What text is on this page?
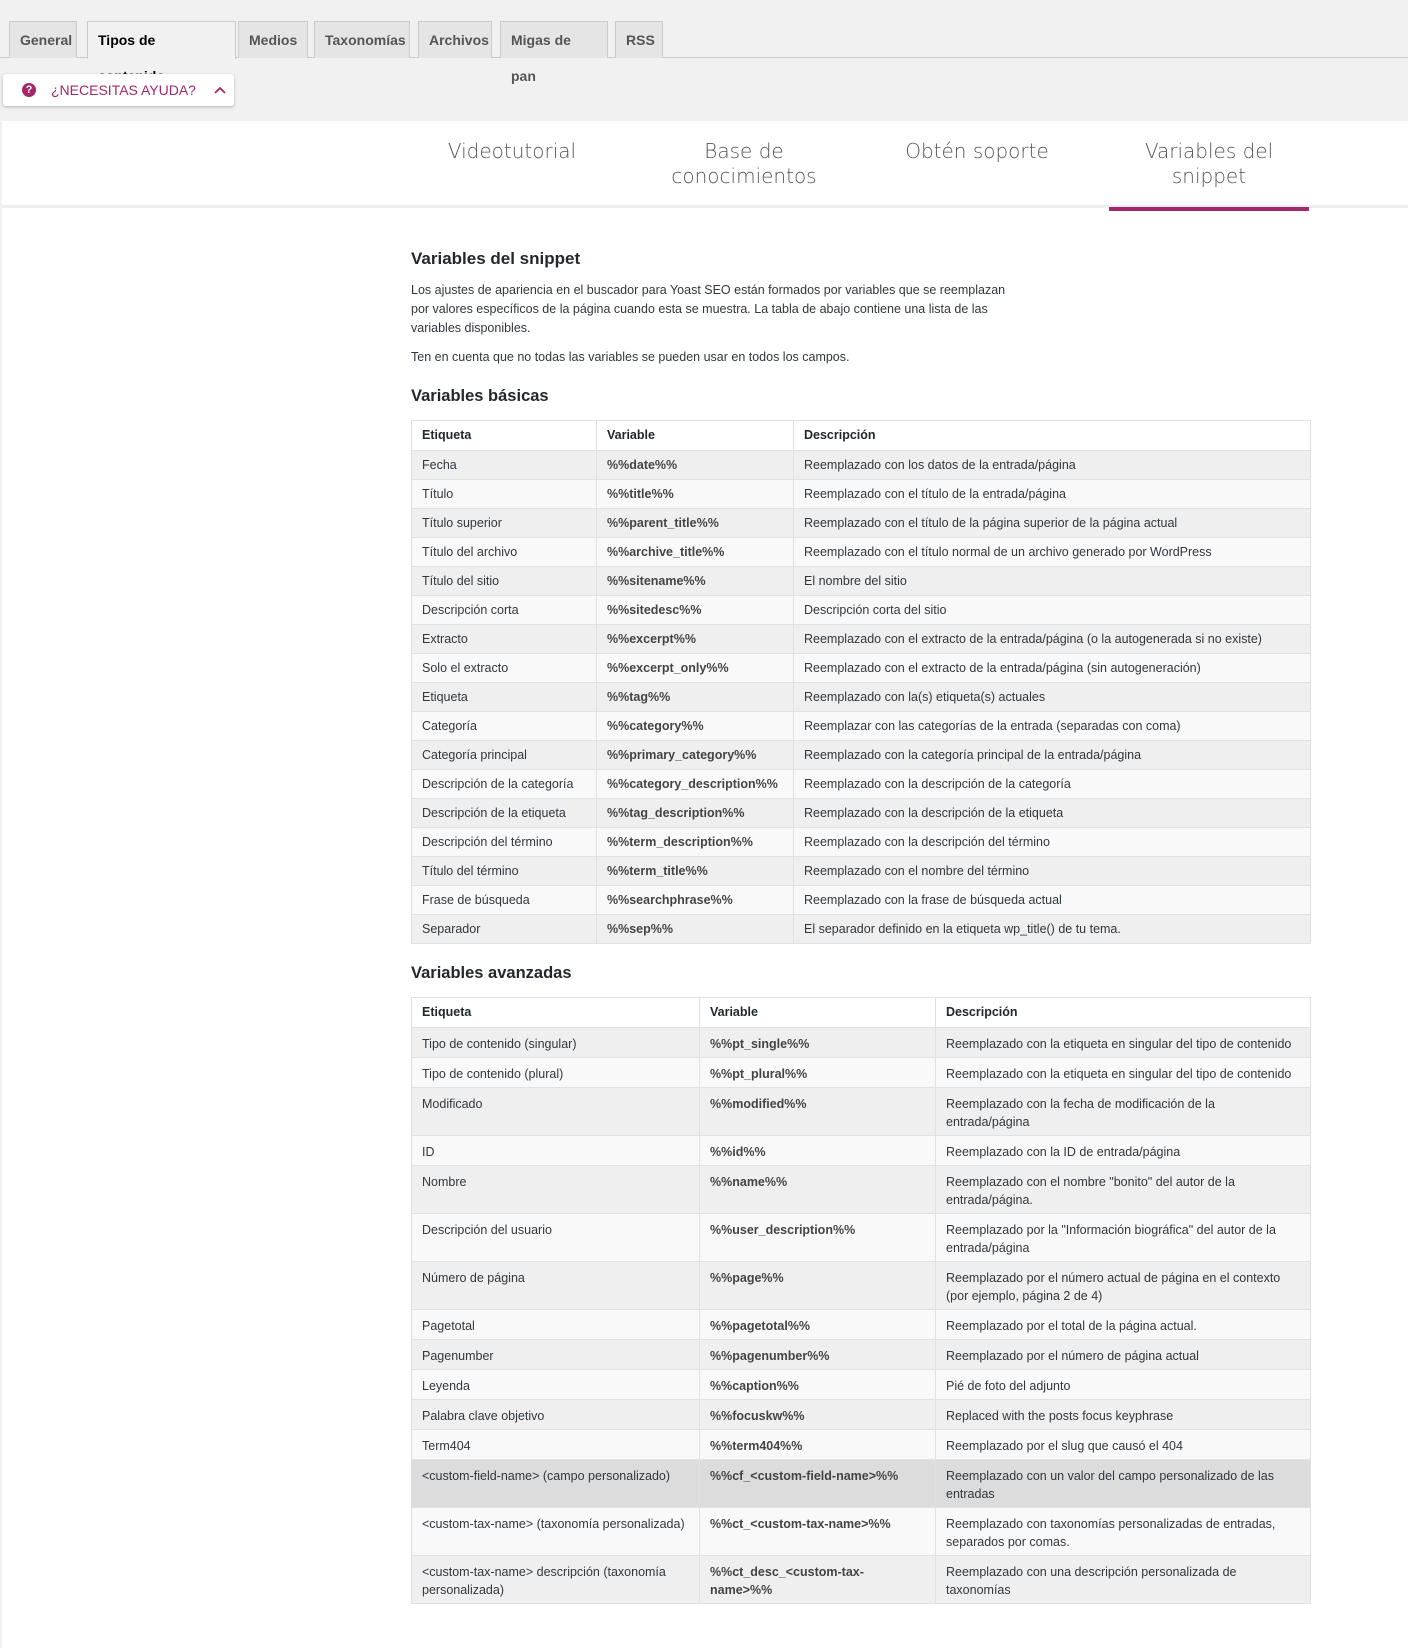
General	Tipos de	Medios	Taxonomías	Archivos	Migas de pan
RSS
? ¿NECESITAS AYUDA?
Videotutorial	Base de
conocimientos
Obtén soporte	Variables del snippet
Variables del snippet

Los ajustes de apariencia en el buscador para Yoast SEO están formados por variables que se reemplazan por valores específicos de la página cuando esta se muestra. La tabla de abajo contiene una lista de las variables disponibles.

Ten en cuenta que no todas las variables se pueden usar en todos los campos.

Variables básicas
Etiqueta	Variable	Descripción
Fecha	%%date%%	Reemplazado con los datos de la entrada/página
Título	%%title%%	Reemplazado con el título de la entrada/página
Título superior	%%parent_title%%	Reemplazado con el título de la página superior de la página actual
Título del archivo	%%archive_title%%	Reemplazado con el título normal de un archivo generado por WordPress
Título del sitio	%%sitename%%	El nombre del sitio
Descripción corta	%%sitedesc%%	Descripción corta del sitio
Extracto	%%excerpt%%	Reemplazado con el extracto de la entrada/página (o la autogenerada si no existe)
Solo el extracto	%%excerpt_only%%	Reemplazado con el extracto de la entrada/página (sin autogeneración)
Etiqueta	%%tag%%	Reemplazado con la(s) etiqueta(s) actuales
Categoría	%%category%%	Reemplazar con las categorías de la entrada (separadas con coma)
Categoría principal	%%primary_category%%	Reemplazado con la categoría principal de la entrada/página
Descripción de la categoría	%%category_description%%	Reemplazado con la descripción de la categoría
Descripción de la etiqueta	%%tag_description%%	Reemplazado con la descripción de la etiqueta
Descripción del término	%%term_description%%	Reemplazado con la descripción del término
Título del término	%%term_title%%	Reemplazado con el nombre del término
Frase de búsqueda	%%searchphrase%%	Reemplazado con la frase de búsqueda actual
Separador	%%sep%%	El separador definido en la etiqueta wp_title() de tu tema.
Variables avanzadas
Etiqueta	Variable	Descripción
Tipo de contenido (singular)	%%pt_single%%	Reemplazado con la etiqueta en singular del tipo de contenido
Tipo de contenido (plural)	%%pt_plural%%	Reemplazado con la etiqueta en singular del tipo de contenido
Modificado	%%modified%%	Reemplazado con la fecha de modificación de la entrada/página
ID	%%id%%	Reemplazado con la ID de entrada/página
Nombre	%%name%%	Reemplazado con el nombre "bonito" del autor de la entrada/página.
Descripción del usuario	%%user_description%%	Reemplazado por la "Información biográfica" del autor de la entrada/página
Número de página	%%page%%	Reemplazado por el número actual de página en el contexto (por ejemplo, página 2 de 4)
Pagetotal	%%pagetotal%%	Reemplazado por el total de la página actual.
Pagenumber	%%pagenumber%%	Reemplazado por el número de página actual
Leyenda	%%caption%%	Pié de foto del adjunto
Palabra clave objetivo	%%focuskw%%	Replaced with the posts focus keyphrase
Term404	%%term404%%	Reemplazado por el slug que causó el 404
<custom-field-name> (campo personalizado)	%%cf_<custom-field-name>%%	Reemplazado con un valor del campo personalizado de las entradas
<custom-tax-name> (taxonomía personalizada)	%%ct_<custom-tax-name>%%	Reemplazado con taxonomías personalizadas de entradas, separados por comas.
<custom-tax-name> descripción (taxonomía personalizada)	%%ct_desc_<custom-tax-name>%%	Reemplazado con una descripción personalizada de taxonomías
